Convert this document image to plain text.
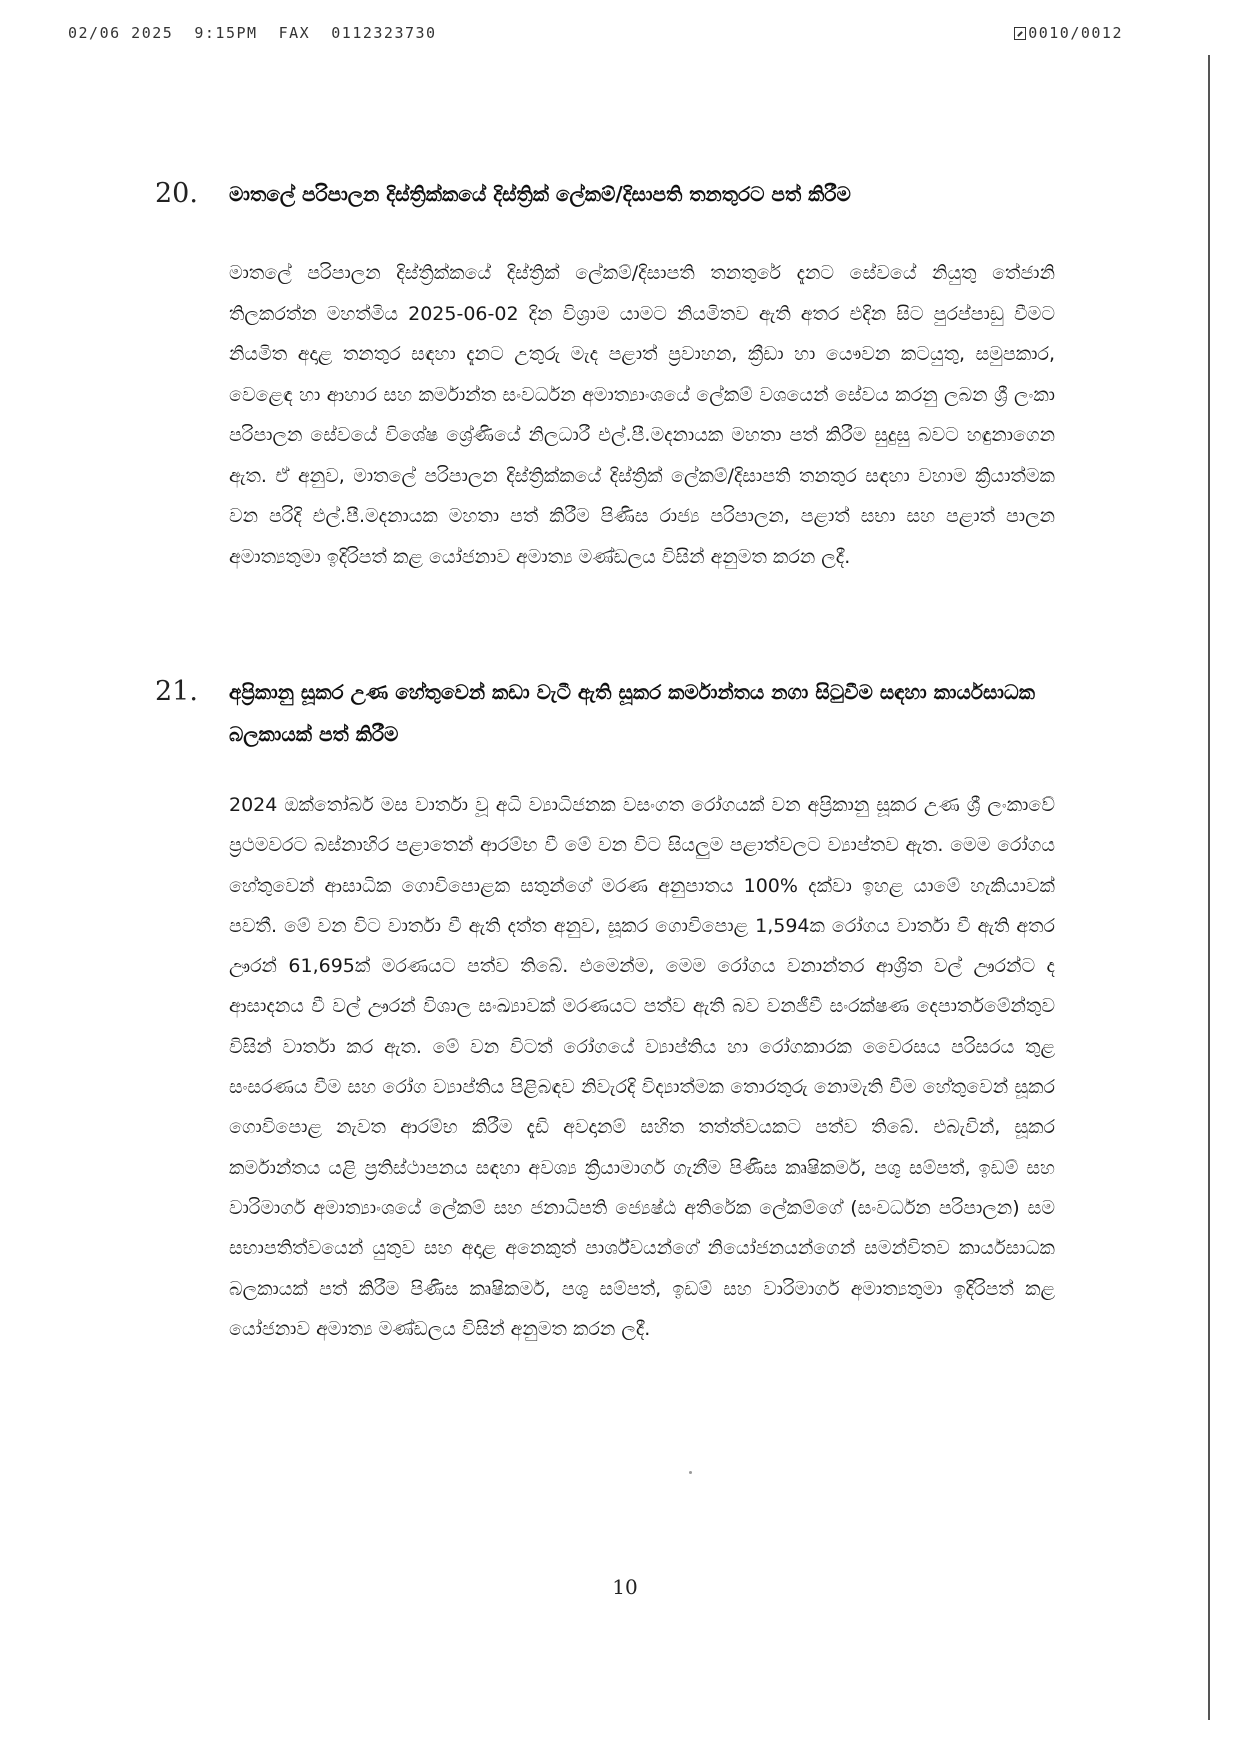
02/06 2025 9:15PM FAX 0112323730	0010/0012
20. මාතලේ පරිපාලන දිස්ත්‍රික්කයේ දිස්ත්‍රික් ලේකම්/දිසාපති තනතුරට පත් කිරීම
මාතලේ පරිපාලන දිස්ත්‍රික්කයේ දිස්ත්‍රික් ලේකම්/දිසාපති තනතුරේ දැනට සේවයේ නියුතු තේජානි තිලකරත්න මහත්මිය 2025-06-02 දින විශ්‍රාම යාමට නියමිතව ඇති අතර එදින සිට පුරප්පාඩු වීමට නියමිත අදාළ තනතුර සඳහා දැනට උතුරු මැද පළාත් ප්‍රවාහන, ක්‍රීඩා හා යෞවන කටයුතු, සමුපකාර, වෙළෙඳ හා ආහාර සහ කර්මාන්ත සංවර්ධන අමාත්‍යාංශයේ ලේකම් වශයෙන් සේවය කරනු ලබන ශ්‍රී ලංකා පරිපාලන සේවයේ විශේෂ ශ්‍රේණියේ නිලධාරී එල්.පී.මදනායක මහතා පත් කිරීම සුදුසු බවට හඳුනාගෙන ඇත. ඒ අනුව, මාතලේ පරිපාලන දිස්ත්‍රික්කයේ දිස්ත්‍රික් ලේකම්/දිසාපති තනතුර සඳහා වහාම ක්‍රියාත්මක වන පරිදි එල්.පී.මදනායක මහතා පත් කිරීම පිණිස රාජ්‍ය පරිපාලන, පළාත් සභා සහ පළාත් පාලන අමාත්‍යතුමා ඉදිරිපත් කළ යෝජනාව අමාත්‍ය මණ්ඩලය විසින් අනුමත කරන ලදී.
21. අප්‍රිකානු සූකර උණ හේතුවෙන් කඩා වැටී ඇති සූකර කර්මාන්තය නගා සිටුවීම සඳහා කාර්යසාධක බලකායක් පත් කිරීම
2024 ඔක්තෝබර් මස වාර්තා වූ අධි ව්‍යාධිජනක වසංගත රෝගයක් වන අප්‍රිකානු සූකර උණ ශ්‍රී ලංකාවේ ප්‍රථමවරට බස්නාහිර පළාතෙන් ආරම්භ වී මේ වන විට සියලුම පළාත්වලට ව්‍යාප්තව ඇත. මෙම රෝගය හේතුවෙන් ආසාධික ගොවිපොළක සතුන්ගේ මරණ අනුපාතය 100% දක්වා ඉහළ යාමේ හැකියාවක් පවතී. මේ වන විට වාර්තා වී ඇති දත්ත අනුව, සූකර ගොවිපොළ 1,594ක රෝගය වාර්තා වී ඇති අතර ඌරන් 61,695ක් මරණයට පත්ව තිබේ. එමෙන්ම, මෙම රෝගය වනාන්තර ආශ්‍රිත වල් ඌරන්ට ද ආසාදනය වී වල් ඌරන් විශාල සංඛ්‍යාවක් මරණයට පත්ව ඇති බව වනජීවී සංරක්ෂණ දෙපාර්තමේන්තුව විසින් වාර්තා කර ඇත. මේ වන විටත් රෝගයේ ව්‍යාප්තිය හා රෝගකාරක වෛරසය පරිසරය තුළ සංසරණය වීම සහ රෝග ව්‍යාප්තිය පිළිබඳව නිවැරදි විද්‍යාත්මක තොරතුරු නොමැති වීම හේතුවෙන් සූකර ගොවිපොළ නැවත ආරම්භ කිරීම දැඩි අවදානම් සහිත තත්ත්වයකට පත්ව තිබේ. එබැවින්, සූකර කර්මාන්තය යළි ප්‍රතිස්ථාපනය සඳහා අවශ්‍ය ක්‍රියාමාර්ග ගැනීම පිණිස කෘෂිකර්ම, පශු සම්පත්, ඉඩම් සහ වාරිමාර්ග අමාත්‍යාංශයේ ලේකම් සහ ජනාධිපති ජ්‍යෙෂ්ඨ අතිරේක ලේකම්ගේ (සංවර්ධන පරිපාලන) සම සභාපතිත්වයෙන් යුතුව සහ අදාළ අනෙකුත් පාර්ශ්වයන්ගේ නියෝජනයන්ගෙන් සමන්විතව කාර්යසාධක බලකායක් පත් කිරීම පිණිස කෘෂිකර්ම, පශු සම්පත්, ඉඩම් සහ වාරිමාර්ග අමාත්‍යතුමා ඉදිරිපත් කළ යෝජනාව අමාත්‍ය මණ්ඩලය විසින් අනුමත කරන ලදී.
10
